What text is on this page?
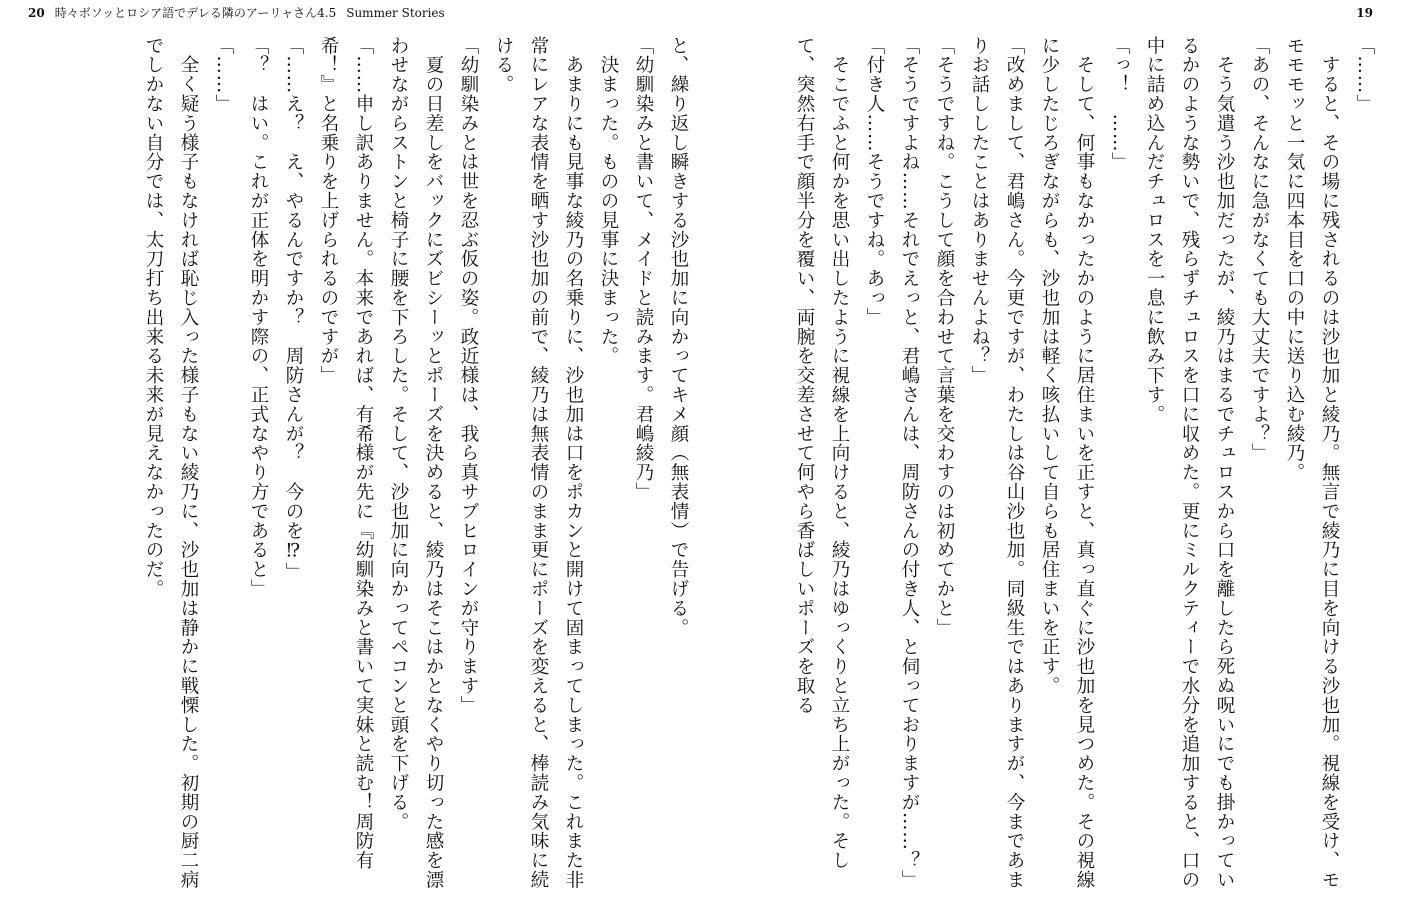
20 時々ボソッとロシア語でデレる隣のアーリャさん4.5 Summer Stories	19

「……」

　すると、その場に残されるのは沙也加と綾乃。無言で綾乃に目を向ける沙也加。視線を受け、モモモモッと一気に四本目を口の中に送り込む綾乃。

「あの、そんなに急がなくても大丈夫ですよ？」

　そう気遣う沙也加だったが、綾乃はまるでチュロスから口を離したら死ぬ呪いにでも掛かっているかのような勢いで、残らずチュロスを口に収めた。更にミルクティーで水分を追加すると、口の中に詰め込んだチュロスを一息に飲み下す。

「っ！　……」

　そして、何事もなかったかのように居住まいを正すと、真っ直ぐに沙也加を見つめた。その視線に少したじろぎながらも、沙也加は軽く咳払いして自らも居住まいを正す。

「改めまして、君嶋さん。今更ですが、わたしは谷山沙也加。同級生ではありますが、今まであまりお話ししたことはありませんよね？」

「そうですね。こうして顔を合わせて言葉を交わすのは初めてかと」

「そうですよね……それでえっと、君嶋さんは、周防さんの付き人、と伺っておりますが……？」

「付き人……そうですね。あっ」

　そこでふと何かを思い出したように視線を上向けると、綾乃はゆっくりと立ち上がった。そして、突然右手で顔半分を覆い、両腕を交差させて何やら香ばしいポーズを取る

と、繰り返し瞬きする沙也加に向かってキメ顔（無表情）で告げる。

「幼馴染みと書いて、メイドと読みます。君嶋綾乃」

　決まった。ものの見事に決まった。

　あまりにも見事な綾乃の名乗りに、沙也加は口をポカンと開けて固まってしまった。これまた非常にレアな表情を晒す沙也加の前で、綾乃は無表情のまま更にポーズを変えると、棒読み気味に続ける。

「幼馴染みとは世を忍ぶ仮の姿。政近様は、我ら真サブヒロインが守ります」

　夏の日差しをバックにズビシーッとポーズを決めると、綾乃はそこはかとなくやり切った感を漂わせながらストンと椅子に腰を下ろした。そして、沙也加に向かってペコンと頭を下げる。

「……申し訳ありません。本来であれば、有希様が先に『幼馴染みと書いて実妹と読む！周防有希！』と名乗りを上げられるのですが」

「……え？　え、やるんですか？　周防さんが？　今のを⁉」

「？　はい。これが正体を明かす際の、正式なやり方であると」

「……」

　全く疑う様子もなければ恥じ入った様子もない綾乃に、沙也加は静かに戦慄した。初期の厨二病でしかない自分では、太刀打ち出来る未来が見えなかったのだ。
